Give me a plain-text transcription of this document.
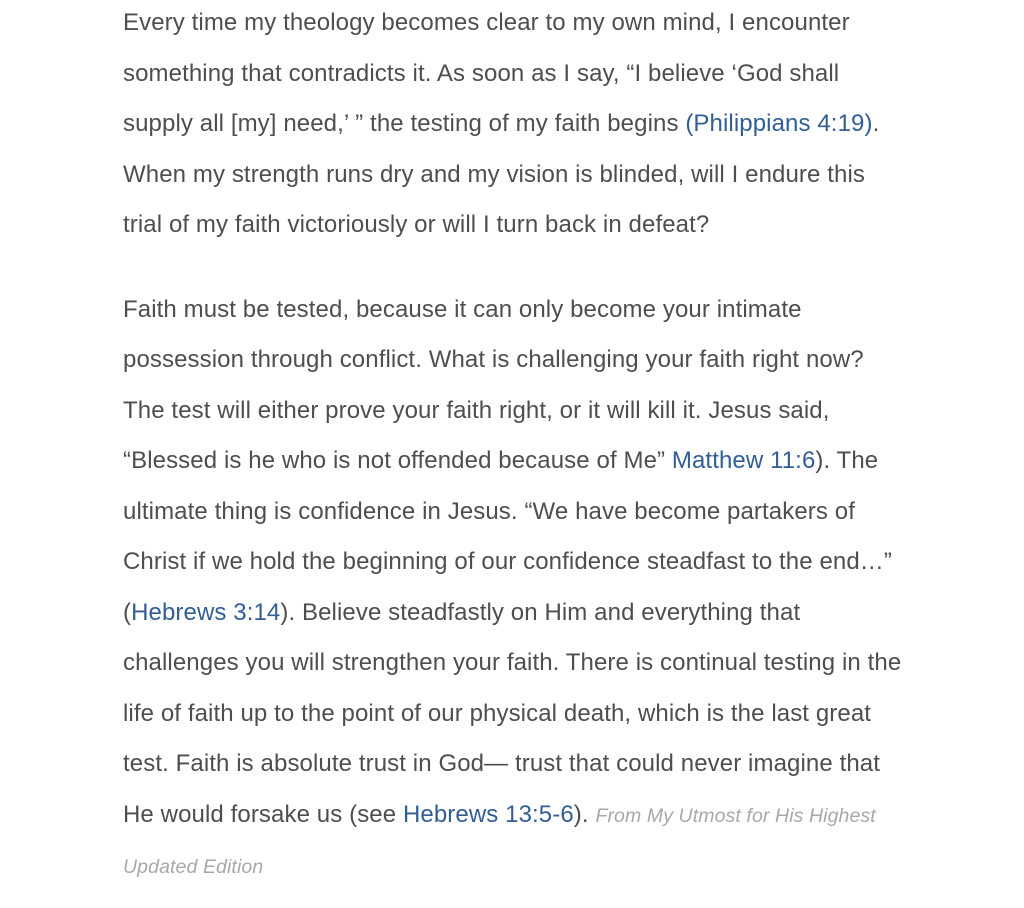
Every time my theology becomes clear to my own mind, I encounter something that contradicts it. As soon as I say, “I believe ‘God shall supply all [my] need,’ ” the testing of my faith begins (Philippians 4:19). When my strength runs dry and my vision is blinded, will I endure this trial of my faith victoriously or will I turn back in defeat?

Faith must be tested, because it can only become your intimate possession through conflict. What is challenging your faith right now? The test will either prove your faith right, or it will kill it. Jesus said, “Blessed is he who is not offended because of Me” Matthew 11:6). The ultimate thing is confidence in Jesus. “We have become partakers of Christ if we hold the beginning of our confidence steadfast to the end…” (Hebrews 3:14). Believe steadfastly on Him and everything that challenges you will strengthen your faith. There is continual testing in the life of faith up to the point of our physical death, which is the last great test. Faith is absolute trust in God— trust that could never imagine that He would forsake us (see Hebrews 13:5-6). From My Utmost for His Highest Updated Edition
